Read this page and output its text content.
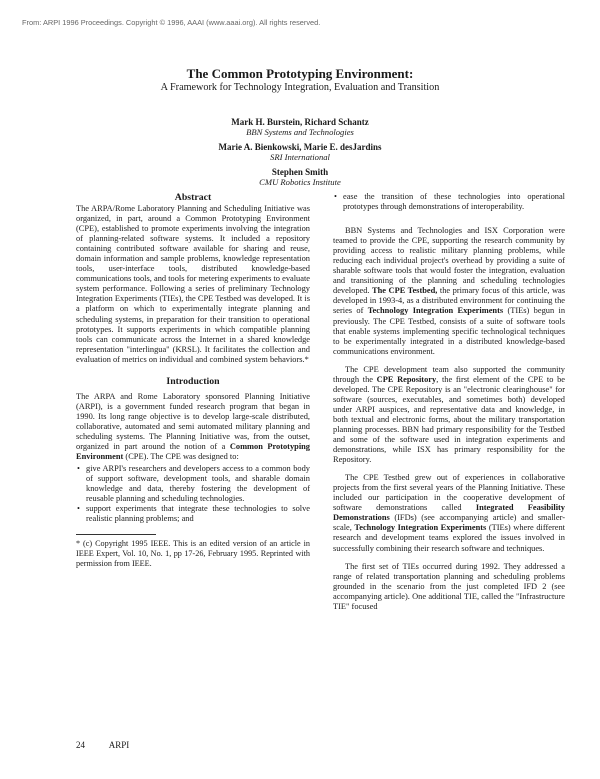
From: ARPI 1996 Proceedings. Copyright © 1996, AAAI (www.aaai.org). All rights reserved.
The Common Prototyping Environment:
A Framework for Technology Integration, Evaluation and Transition
Mark H. Burstein, Richard Schantz
BBN Systems and Technologies
Marie A. Bienkowski, Marie E. desJardins
SRI International
Stephen Smith
CMU Robotics Institute
Abstract

The ARPA/Rome Laboratory Planning and Scheduling Initiative was organized, in part, around a Common Prototyping Environment (CPE), established to promote experiments involving the integration of planning-related software systems. It included a repository containing contributed software available for sharing and reuse, domain information and sample problems, knowledge representation tools, user-interface tools, distributed knowledge-based communications tools, and tools for metering experiments to evaluate system performance. Following a series of preliminary Technology Integration Experiments (TIEs), the CPE Testbed was developed. It is a platform on which to experimentally integrate planning and scheduling systems, in preparation for their transition to operational prototypes. It supports experiments in which compatible planning tools can communicate across the Internet in a shared knowledge representation "interlingua" (KRSL). It facilitates the collection and evaluation of metrics on individual and combined system behaviors.*

Introduction

The ARPA and Rome Laboratory sponsored Planning Initiative (ARPI), is a government funded research program that began in 1990. Its long range objective is to develop large-scale distributed, collaborative, automated and semi automated military planning and scheduling systems. The Planning Initiative was, from the outset, organized in part around the notion of a Common Prototyping Environment (CPE). The CPE was designed to:

• give ARPI's researchers and developers access to a common body of support software, development tools, and sharable domain knowledge and data, thereby fostering the development of reusable planning and scheduling technologies.
• support experiments that integrate these technologies to solve realistic planning problems; and

* (c) Copyright 1995 IEEE. This is an edited version of an article in IEEE Expert, Vol. 10, No. 1, pp 17-26, February 1995. Reprinted with permission from IEEE.

• ease the transition of these technologies into operational prototypes through demonstrations of interoperability.

BBN Systems and Technologies and ISX Corporation were teamed to provide the CPE, supporting the research community by providing access to realistic military planning problems, while reducing each individual project's overhead by providing a suite of sharable software tools that would foster the integration, evaluation and transitioning of the planning and scheduling technologies developed. The CPE Testbed, the primary focus of this article, was developed in 1993-4, as a distributed environment for continuing the series of Technology Integration Experiments (TIEs) begun in previously. The CPE Testbed, consists of a suite of software tools that enable systems implementing specific technological techniques to be experimentally integrated in a distributed knowledge-based communications environment.

The CPE development team also supported the community through the CPE Repository, the first element of the CPE to be developed. The CPE Repository is an "electronic clearinghouse" for software (sources, executables, and sometimes both) developed under ARPI auspices, and representative data and knowledge, in both textual and electronic forms, about the military transportation planning processes. BBN had primary responsibility for the Testbed and some of the software used in integration experiments and demonstrations, while ISX has primary responsibility for the Repository.

The CPE Testbed grew out of experiences in collaborative projects from the first several years of the Planning Initiative. These included our participation in the cooperative development of software demonstrations called Integrated Feasibility Demonstrations (IFDs) (see accompanying article) and smaller-scale, Technology Integration Experiments (TIEs) where different research and development teams explored the issues involved in successfully combining their research software and techniques.

The first set of TIEs occurred during 1992. They addressed a range of related transportation planning and scheduling problems grounded in the scenario from the just completed IFD 2 (see accompanying article). One additional TIE, called the "Infrastructure TIE" focused

24	ARPI
